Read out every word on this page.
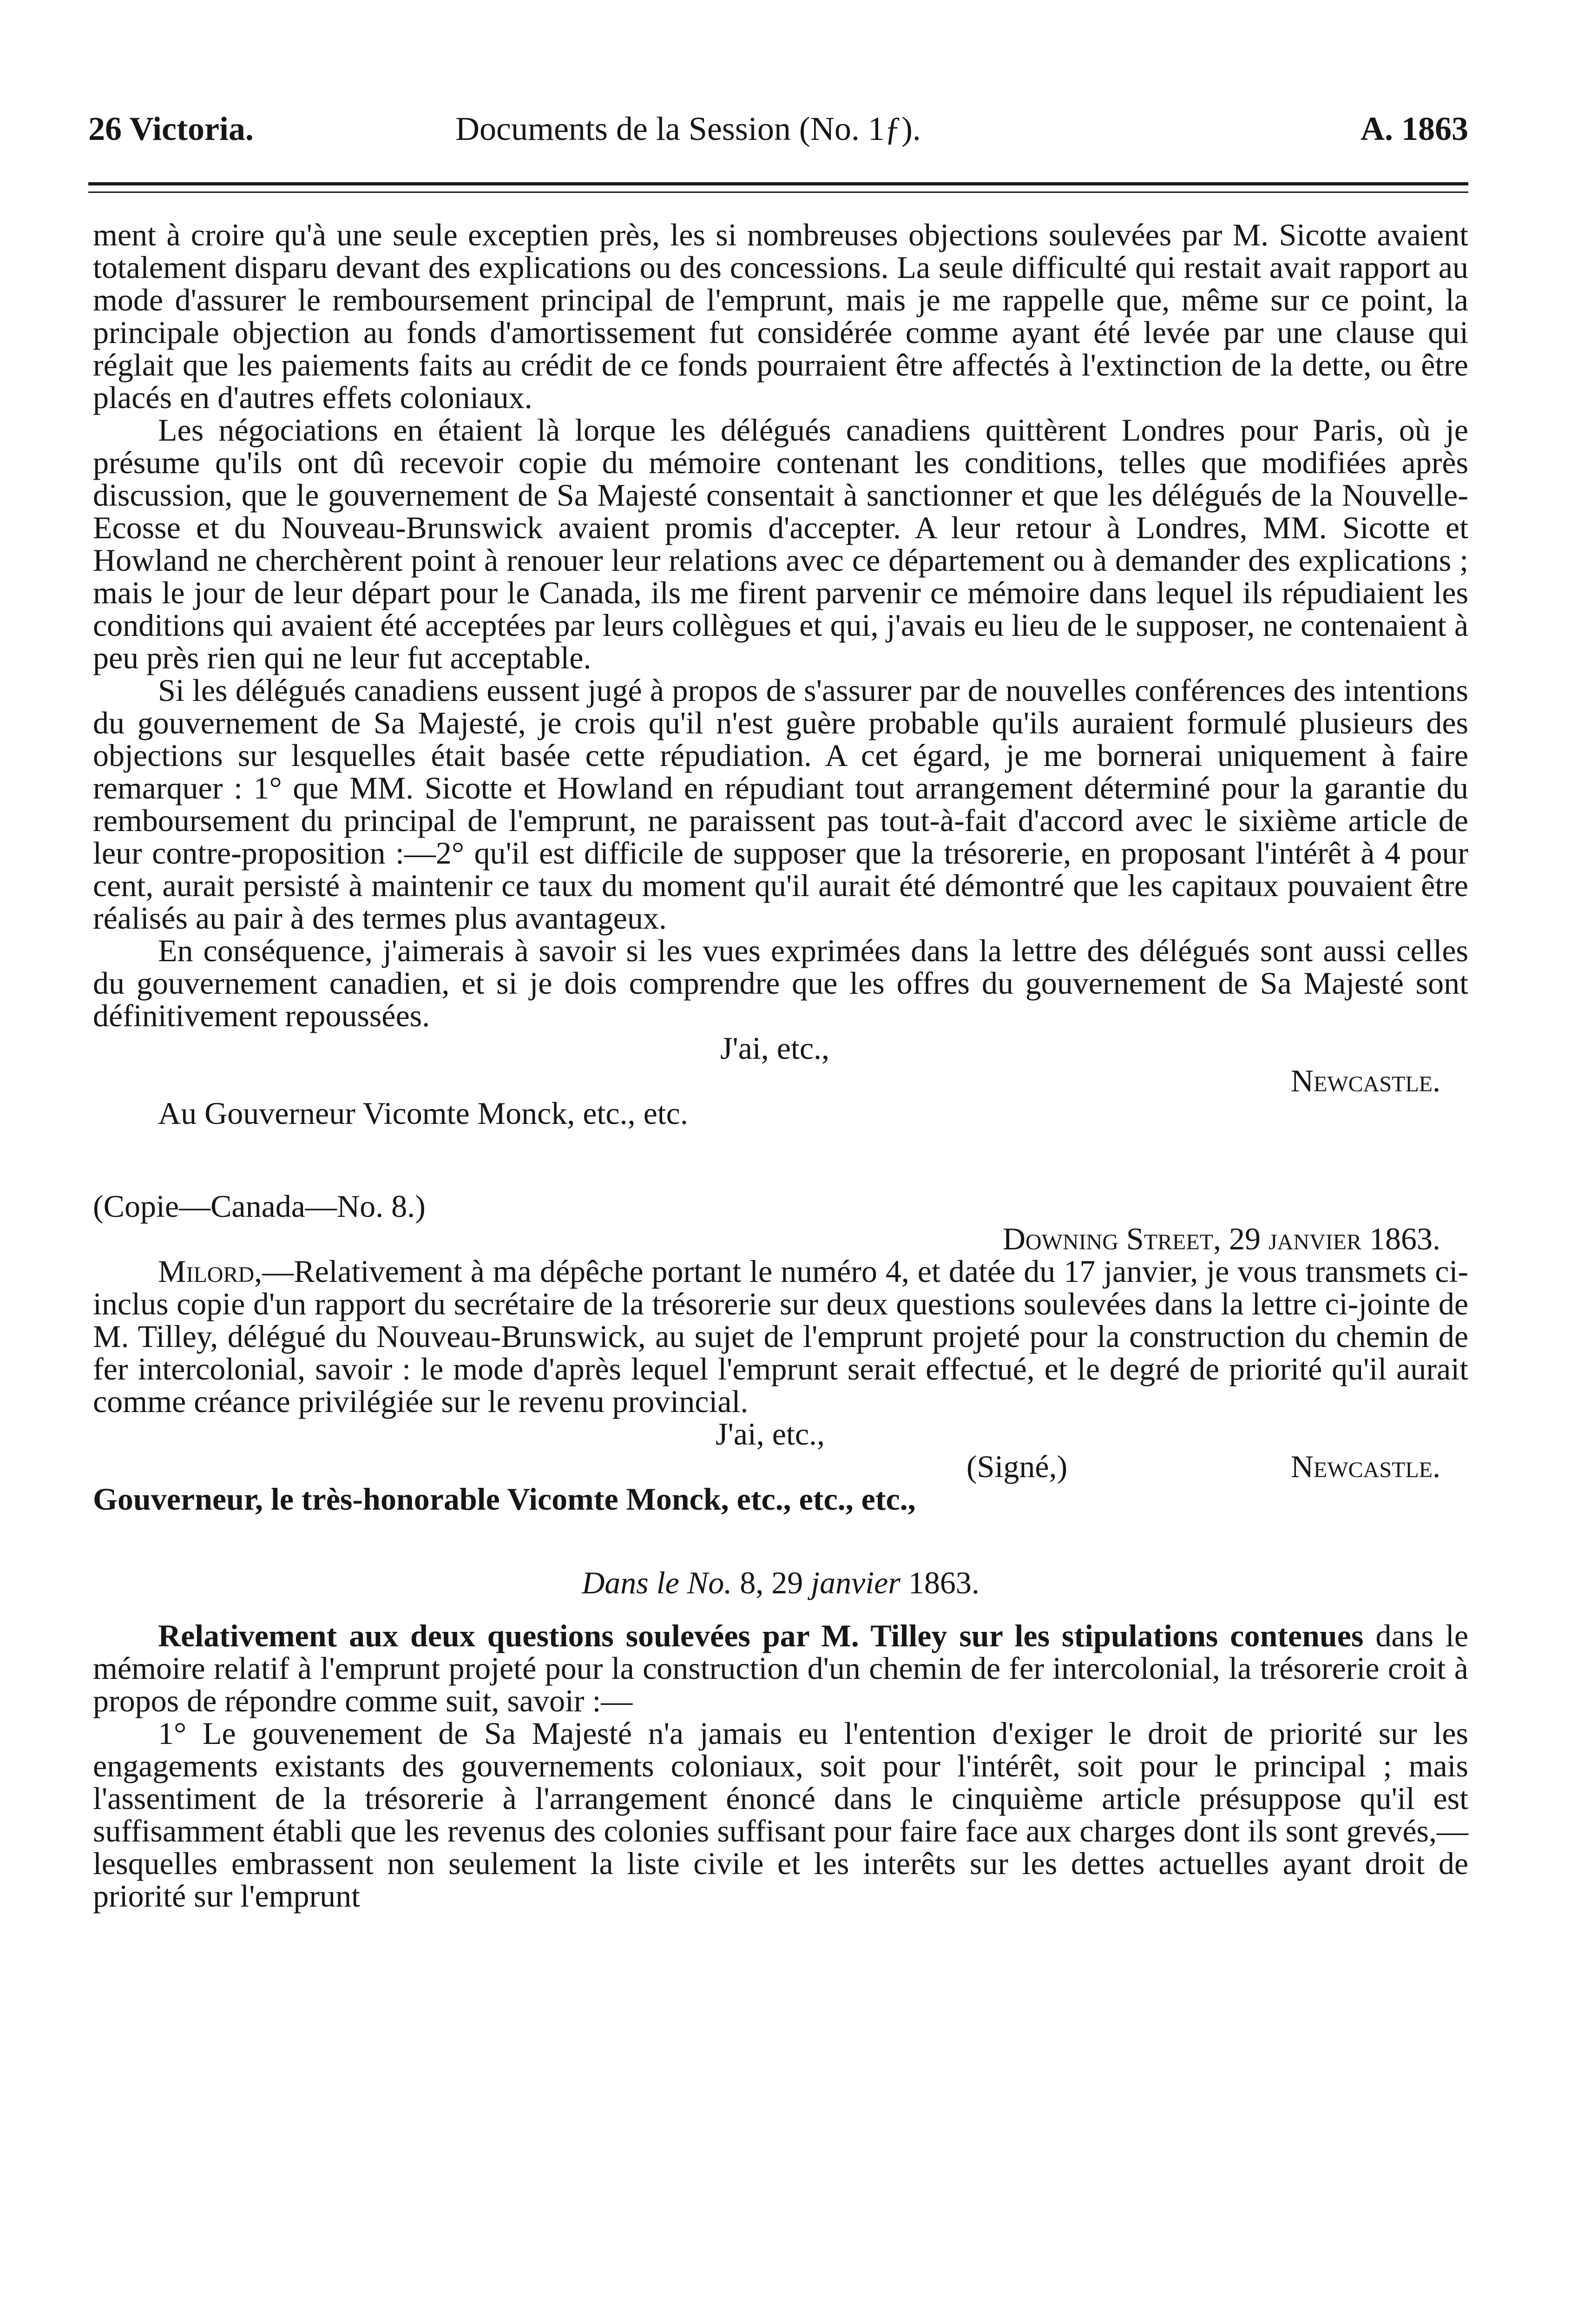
26 Victoria.	Documents de la Session (No. 1ƒ).	A. 1863

ment à croire qu'à une seule exceptien près, les si nombreuses objections soulevées par M. Sicotte avaient totalement disparu devant des explications ou des concessions. La seule difficulté qui restait avait rapport au mode d'assurer le remboursement principal de l'emprunt, mais je me rappelle que, même sur ce point, la principale objection au fonds d'amortissement fut considérée comme ayant été levée par une clause qui réglait que les paiements faits au crédit de ce fonds pourraient être affectés à l'extinction de la dette, ou être placés en d'autres effets coloniaux.

Les négociations en étaient là lorque les délégués canadiens quittèrent Londres pour Paris, où je présume qu'ils ont dû recevoir copie du mémoire contenant les conditions, telles que modifiées après discussion, que le gouvernement de Sa Majesté consentait à sanctionner et que les délégués de la Nouvelle-Ecosse et du Nouveau-Brunswick avaient promis d'accepter. A leur retour à Londres, MM. Sicotte et Howland ne cherchèrent point à renouer leur relations avec ce département ou à demander des explications ; mais le jour de leur départ pour le Canada, ils me firent parvenir ce mémoire dans lequel ils répudiaient les conditions qui avaient été acceptées par leurs collègues et qui, j'avais eu lieu de le supposer, ne contenaient à peu près rien qui ne leur fut acceptable.

Si les délégués canadiens eussent jugé à propos de s'assurer par de nouvelles conférences des intentions du gouvernement de Sa Majesté, je crois qu'il n'est guère probable qu'ils auraient formulé plusieurs des objections sur lesquelles était basée cette répudiation. A cet égard, je me bornerai uniquement à faire remarquer : 1° que MM. Sicotte et Howland en répudiant tout arrangement déterminé pour la garantie du remboursement du principal de l'emprunt, ne paraissent pas tout-à-fait d'accord avec le sixième article de leur contre-proposition :—2° qu'il est difficile de supposer que la trésorerie, en proposant l'intérêt à 4 pour cent, aurait persisté à maintenir ce taux du moment qu'il aurait été démontré que les capitaux pouvaient être réalisés au pair à des termes plus avantageux.

En conséquence, j'aimerais à savoir si les vues exprimées dans la lettre des délégués sont aussi celles du gouvernement canadien, et si je dois comprendre que les offres du gouvernement de Sa Majesté sont définitivement repoussées.

J'ai, etc.,
Newcastle.
Au Gouverneur Vicomte Monck, etc., etc.
(Copie—Canada—No. 8.)
Downing Street, 29 janvier 1863.

Milord,—Relativement à ma dépêche portant le numéro 4, et datée du 17 janvier, je vous transmets ci-inclus copie d'un rapport du secrétaire de la trésorerie sur deux questions soulevées dans la lettre ci-jointe de M. Tilley, délégué du Nouveau-Brunswick, au sujet de l'emprunt projeté pour la construction du chemin de fer intercolonial, savoir : le mode d'après lequel l'emprunt serait effectué, et le degré de priorité qu'il aurait comme créance privilégiée sur le revenu provincial.

J'ai, etc.,
(Signé,)	Newcastle.
Gouverneur, le très-honorable Vicomte Monck, etc., etc., etc.,

Dans le No. 8, 29 janvier 1863.

Relativement aux deux questions soulevées par M. Tilley sur les stipulations contenues dans le mémoire relatif à l'emprunt projeté pour la construction d'un chemin de fer intercolonial, la trésorerie croit à propos de répondre comme suit, savoir :—

1° Le gouvenement de Sa Majesté n'a jamais eu l'entention d'exiger le droit de priorité sur les engagements existants des gouvernements coloniaux, soit pour l'intérêt, soit pour le principal ; mais l'assentiment de la trésorerie à l'arrangement énoncé dans le cinquième article présuppose qu'il est suffisamment établi que les revenus des colonies suffisant pour faire face aux charges dont ils sont grevés,—lesquelles embrassent non seulement la liste civile et les interêts sur les dettes actuelles ayant droit de priorité sur l'emprunt
